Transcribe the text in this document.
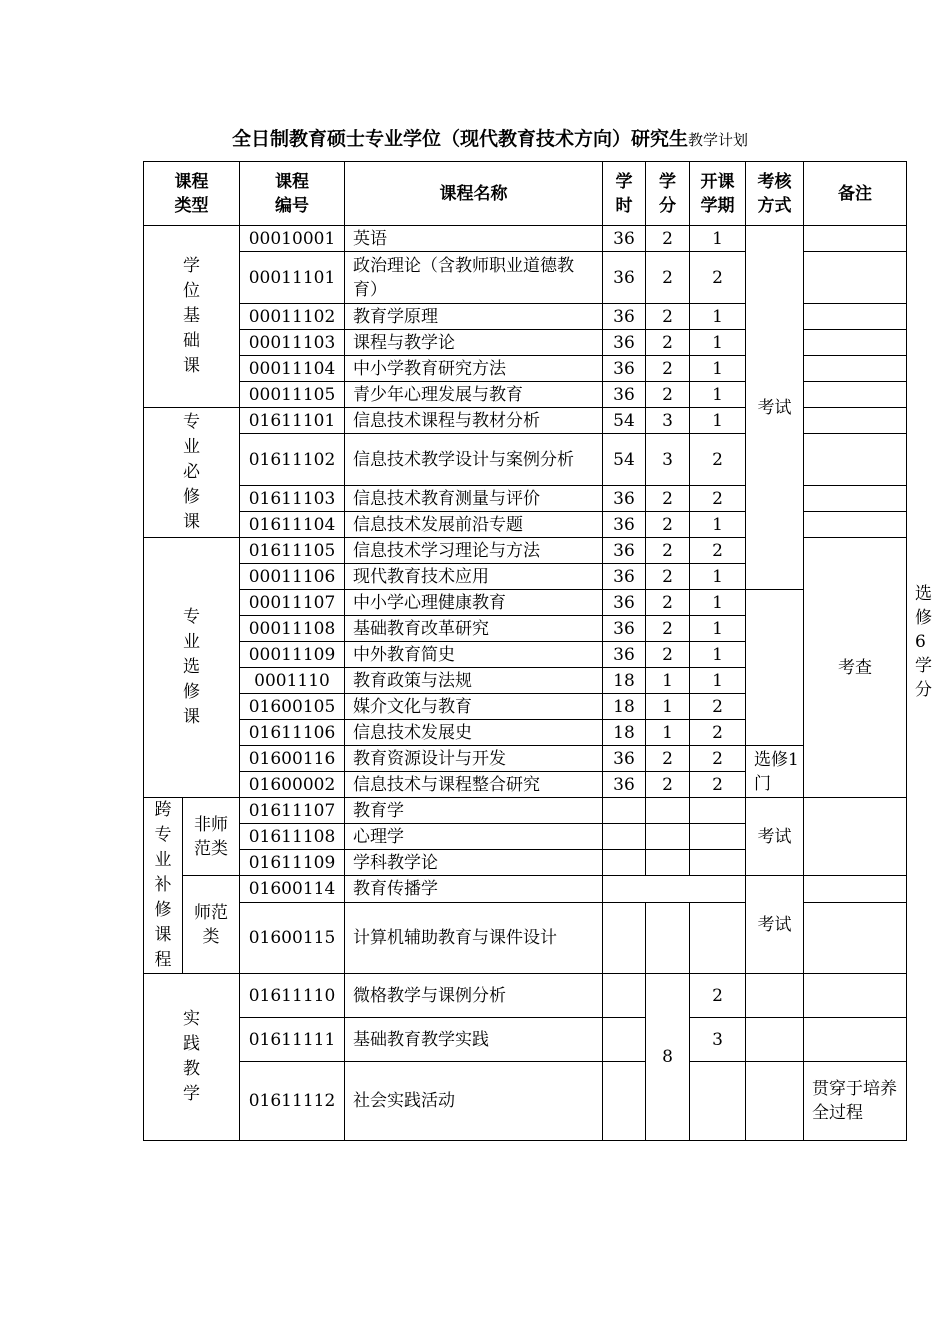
全日制教育硕士专业学位（现代教育技术方向）研究生教学计划
课程类型		课程编号	课程名称	学时	学分	开课学期	考核方式	备注	
学位基础课		00010001	英语	36	2	1	考试		
		00011101	政治理论（含教师职业道德教育）	36	2	2			
		00011102	教育学原理	36	2	1			
		00011103	课程与教学论	36	2	1			
		00011104	中小学教育研究方法	36	2	1			
		00011105	青少年心理发展与教育	36	2	1			
专业必修课		01611101	信息技术课程与教材分析	54	3	1			
		01611102	信息技术教学设计与案例分析	54	3	2			
		01611103	信息技术教育测量与评价	36	2	2			
		01611104	信息技术发展前沿专题	36	2	1			
专业选修课		01611105	信息技术学习理论与方法	36	2	2		考查	选修6学分
		00011106	现代教育技术应用	36	2	1			
		00011107	中小学心理健康教育	36	2	1			
		00011108	基础教育改革研究	36	2	1			
		00011109	中外教育简史	36	2	1			
		0001110	教育政策与法规	18	1	1			
		01600105	媒介文化与教育	18	1	2			
		01611106	信息技术发展史	18	1	2			
		01600116	教育资源设计与开发	36	2	2	选修1门		
		01600002	信息技术与课程整合研究	36	2	2			
跨专业补修课程	非师范类	01611107	教育学				考试		
		01611108	心理学						
		01611109	学科教学论						
	师范类	01600114	教育传播学				考试		
		01600115	计算机辅助教育与课件设计						
实践教学		01611110	微格教学与课例分析		8	2			
		01611111	基础教育教学实践			3			
		01611112	社会实践活动					贯穿于培养全过程	
